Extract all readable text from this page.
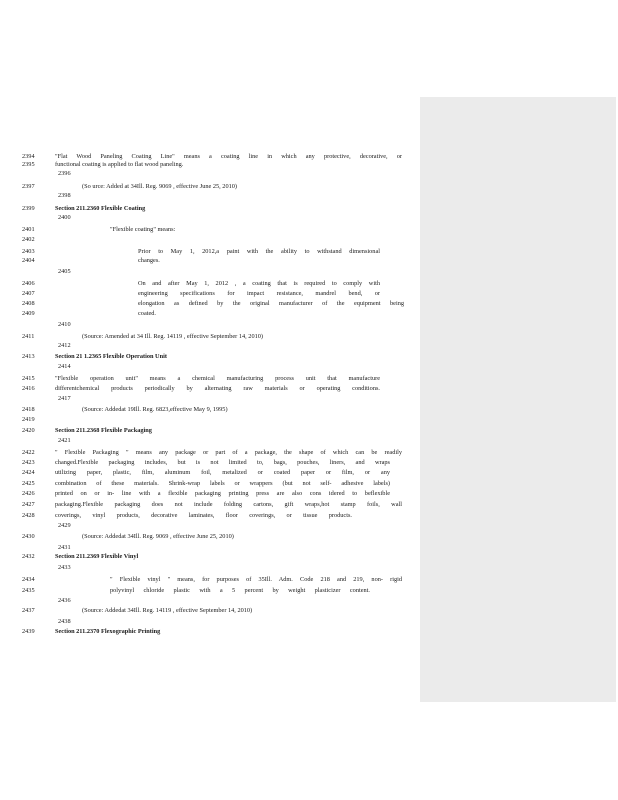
2394	"Flat Wood Paneling Coating Line" means a coating line in which any protective, decorative, or
2395	functional coating is applied to flat wood paneling.
2396
2397	(So urce: Added at 34Ill. Reg. 9069 , effective June 25, 2010)
2398
2399	Section 211.2360 Flexible Coating
2400
2401	"Flexible coating" means:
2402
2403	Prior to May 1, 2012,a paint with the ability to withstand dimensional
2404	changes.
2405
2406	On and after May 1, 2012 , a coating that is required to comply with
2407	engineering specifications for impact resistance, mandrel bend, or
2408	elongation as defined by the original manufacturer of the equipment being
2409	coated.
2410
2411	(Source: Amended at 34 Ill. Reg. 14119 , effective September 14, 2010)
2412
2413	Section 21 1.2365 Flexible Operation Unit
2414
2415	"Flexible operation unit" means a chemical manufacturing process unit that manufacture
2416	differentchemical products periodically by alternating raw materials or operating conditions.
2417
2418	(Source: Addedat 19Ill. Reg. 6823,effective May 9, 1995)
2419
2420	Section 211.2368 Flexible Packaging
2421
2422	" Flexible Packaging " means any package or part of a package, the shape of which can be readily
2423	changed.Flexible packaging includes, but is not limited to, bags, pouches, liners, and wraps
2424	utilizing paper, plastic, film, aluminum foil, metalized or coated paper or film, or any
2425	combination of these materials. Shrink-wrap labels or wrappers (but not self- adhesive labels)
2426	printed on or in- line with a flexible packaging printing press are also cons idered to beflexible
2427	packaging.Flexible packaging does not include folding cartons, gift wraps,hot stamp foils, wall
2428	coverings, vinyl products, decorative laminates, floor coverings, or tissue products.
2429
2430	(Source: Addedat 34Ill. Reg. 9069 , effective June 25, 2010)
2431
2432	Section 211.2369 Flexible Vinyl
2433
2434	" Flexible vinyl " means, for purposes of 35Ill. Adm. Code 218 and 219, non- rigid
2435	polyvinyl chloride plastic with a 5 percent by weight plasticizer content.
2436
2437	(Source: Addedat 34Ill. Reg. 14119 , effective September 14, 2010)
2438
2439	Section 211.2370 Flexographic Printing
